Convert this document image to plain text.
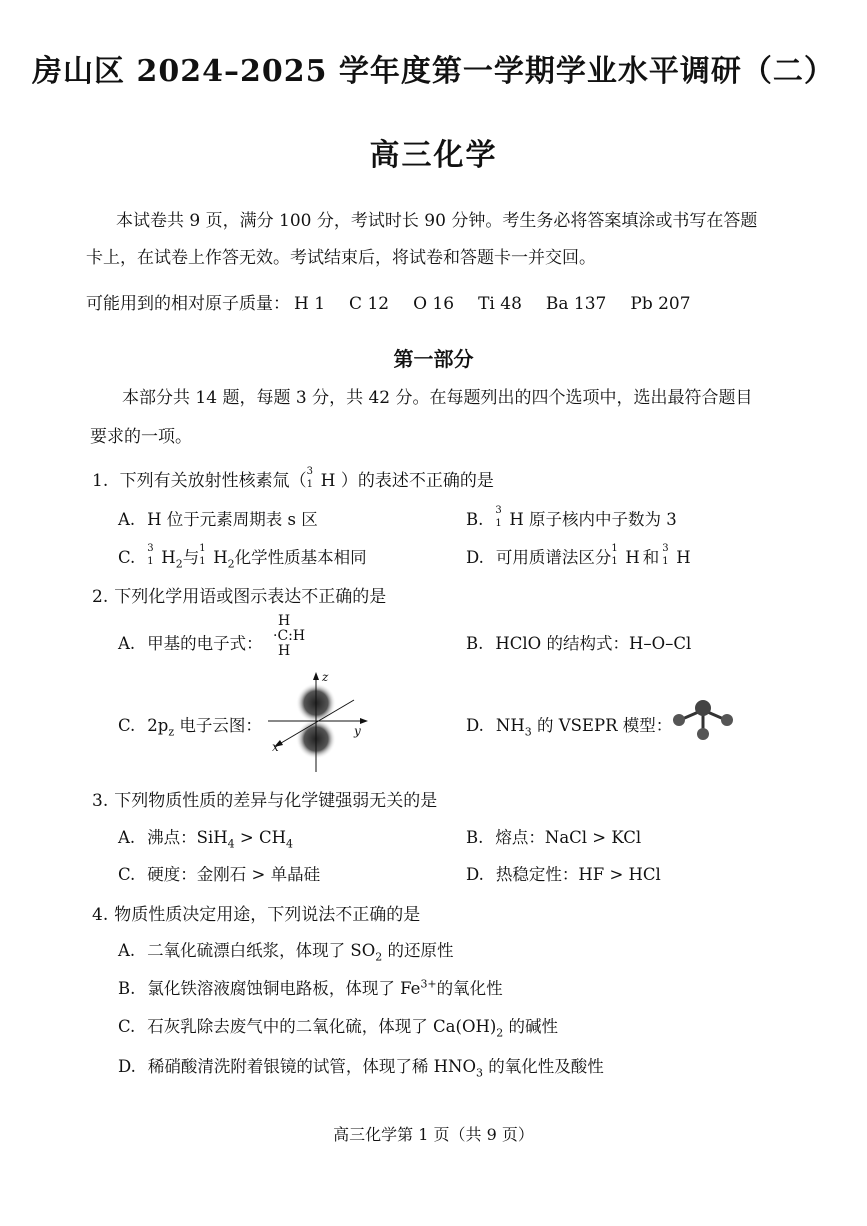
房山区 2024–2025 学年度第一学期学业水平调研（二）
高三化学
本试卷共 9 页，满分 100 分，考试时长 90 分钟。考生务必将答案填涂或书写在答题
卡上，在试卷上作答无效。考试结束后，将试卷和答题卡一并交回。
可能用到的相对原子质量： H 1 C 12 O 16 Ti 48 Ba 137 Pb 207
第一部分
本部分共 14 题，每题 3 分，共 42 分。在每题列出的四个选项中，选出最符合题目
要求的一项。
1. 下列有关放射性核素氚（ 3
1 H ）的表述不正确的是
A. H 位于元素周期表 s 区	B. 3
1 H 原子核内中子数为 3
C. 3
1 $H_2$与 1
1 $H_2$化学性质基本相同	D. 可用质谱法区分 1
1 H 和 3
1 H
2. 下列化学用语或图示表达不正确的是
A. 甲基的电子式：
H
·C:H
H	B. HClO 的结构式：H–O–Cl
C. $2p_z$ 电子云图：
z
y
x
D. $NH_3$ 的 VSEPR 模型：
3. 下列物质性质的差异与化学键强弱无关的是
A. 沸点：$SiH_4 > CH_4$	B. 熔点：NaCl > KCl
C. 硬度：金刚石 > 单晶硅	D. 热稳定性：HF > HCl
4. 物质性质决定用途，下列说法不正确的是
A. 二氧化硫漂白纸浆，体现了 $SO_2$ 的还原性
B. 氯化铁溶液腐蚀铜电路板，体现了 $Fe^{3+}$的氧化性
C. 石灰乳除去废气中的二氧化硫，体现了 $Ca(OH)_2$ 的碱性
D. 稀硝酸清洗附着银镜的试管，体现了稀 $HNO_3$ 的氧化性及酸性
高三化学第 1 页（共 9 页）
